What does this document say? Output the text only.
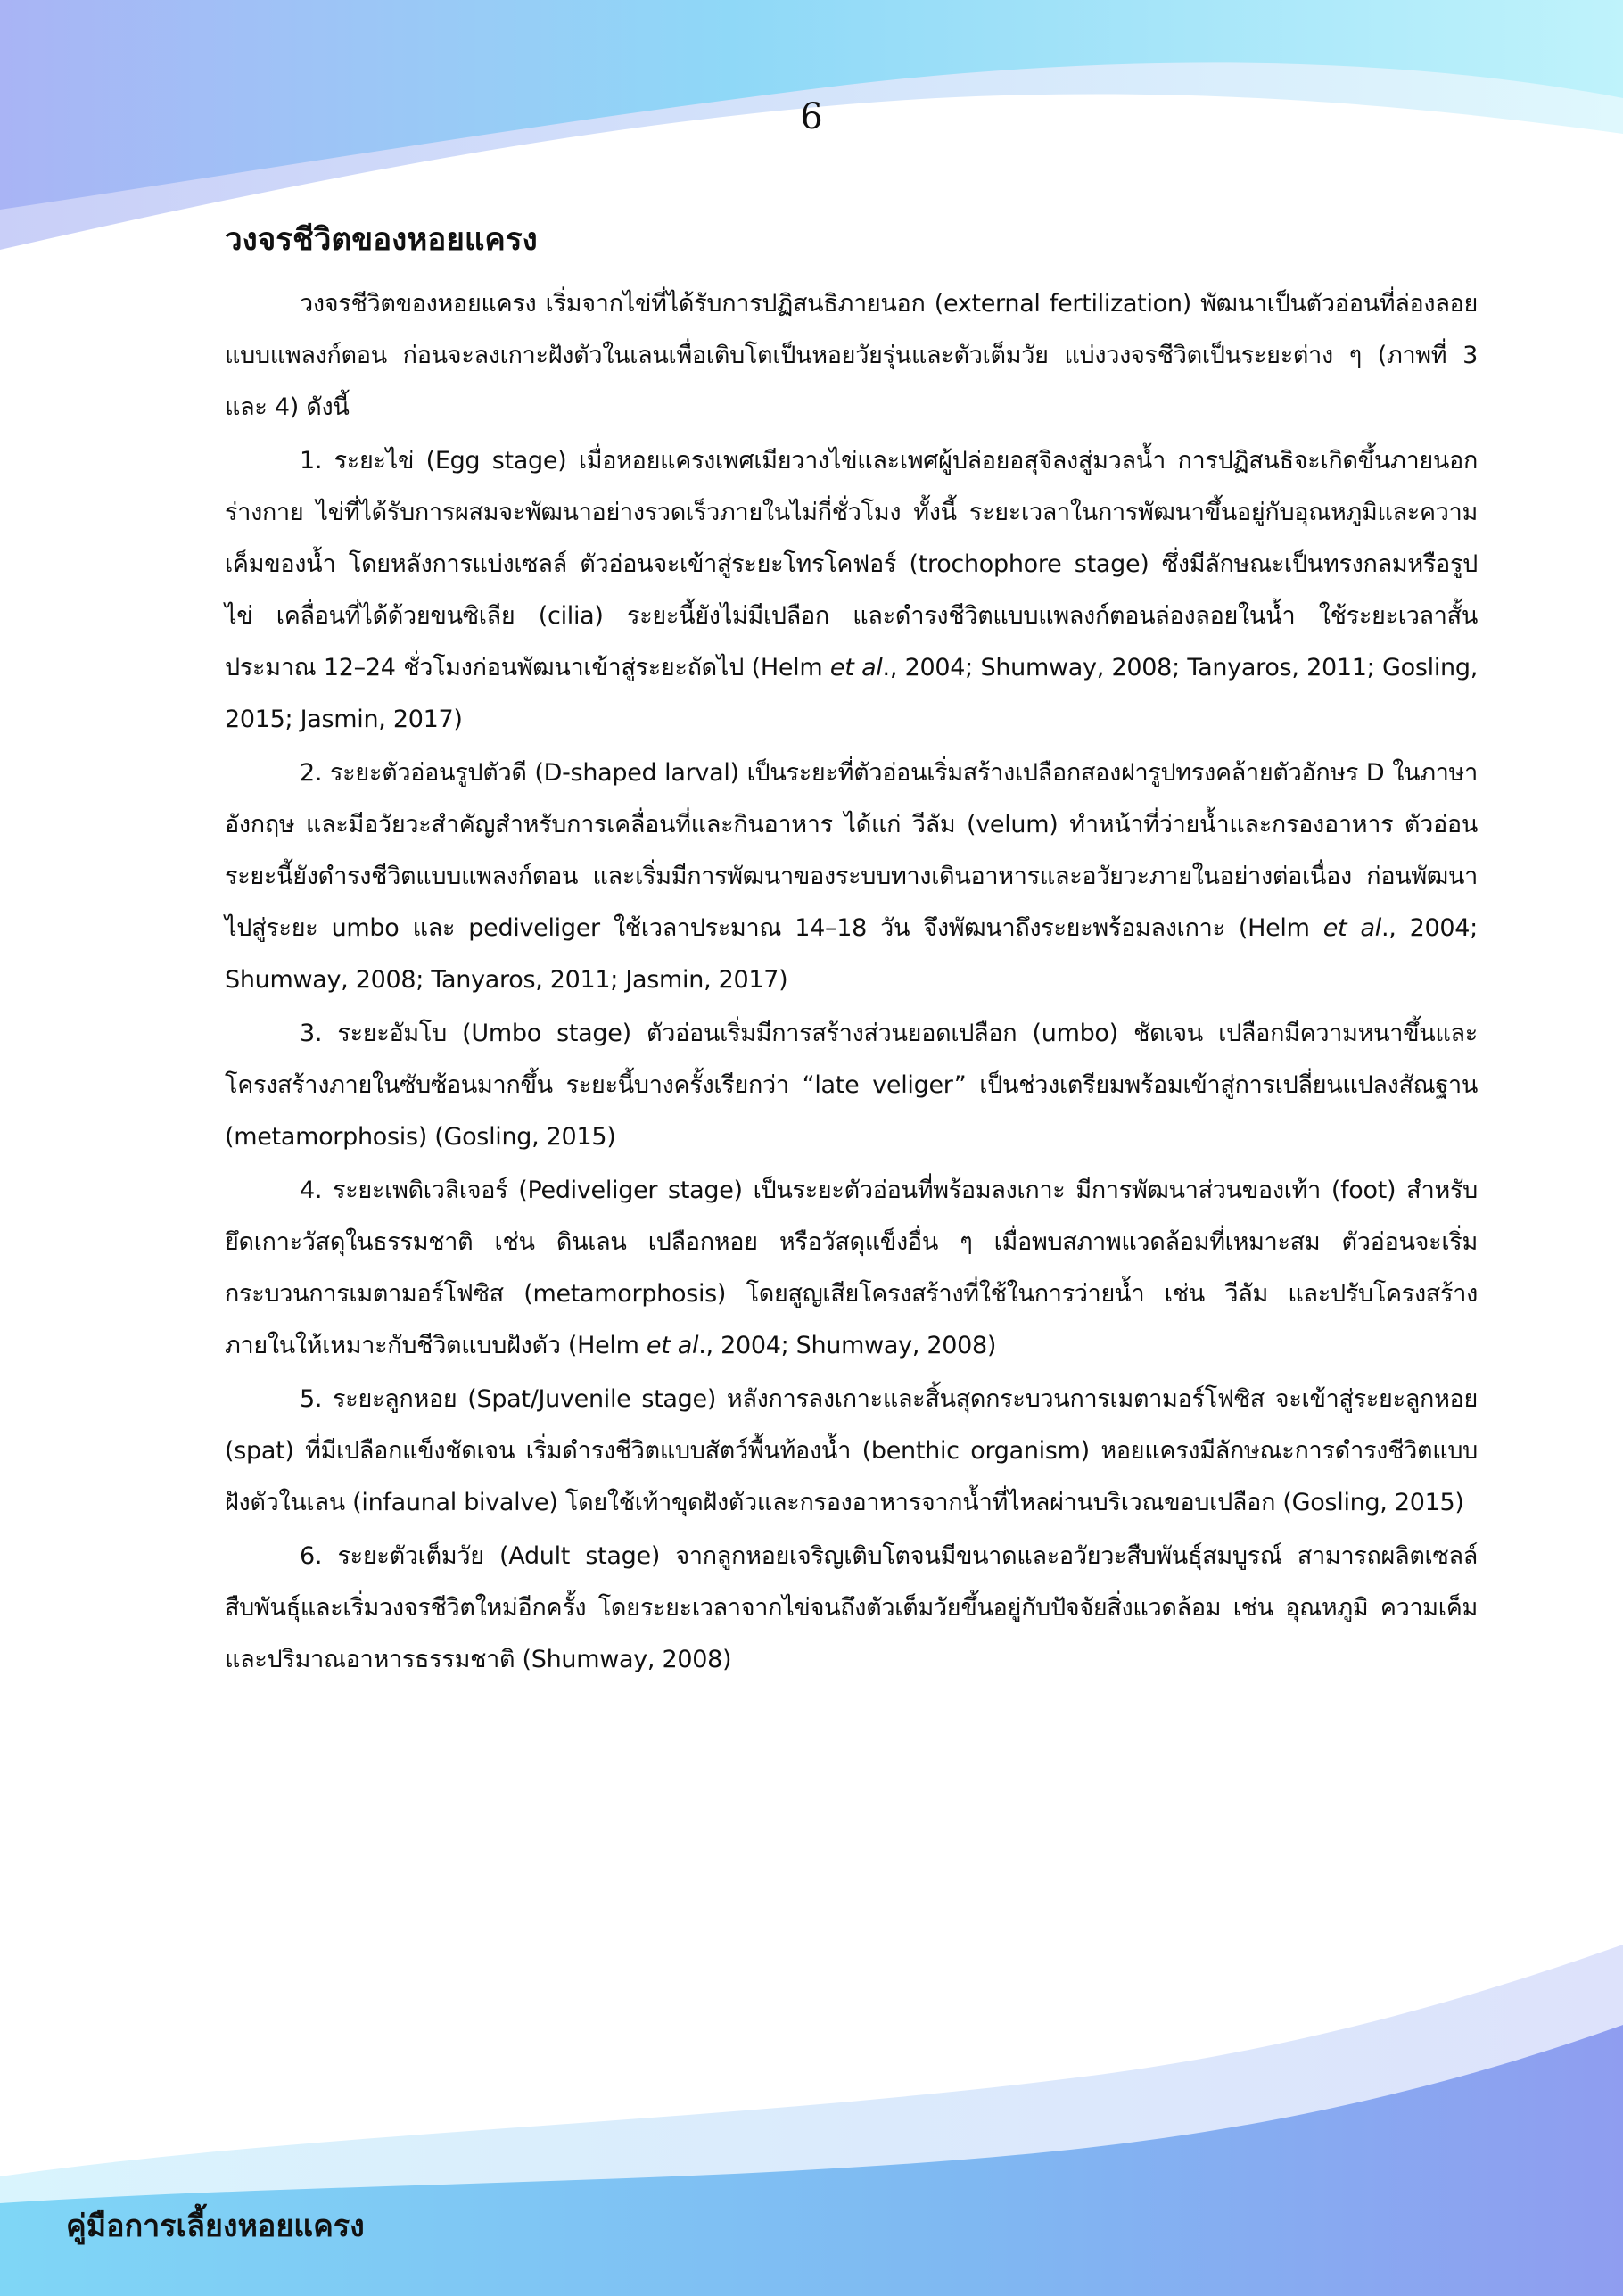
6
วงจรชีวิตของหอยแครง

วงจรชีวิตของหอยแครง เริ่มจากไข่ที่ได้รับการปฏิสนธิภายนอก (external fertilization) พัฒนาเป็นตัวอ่อนที่ล่องลอยแบบแพลงก์ตอน ก่อนจะลงเกาะฝังตัวในเลนเพื่อเติบโตเป็นหอยวัยรุ่นและตัวเต็มวัย แบ่งวงจรชีวิตเป็นระยะต่าง ๆ (ภาพที่ 3 และ 4) ดังนี้

1. ระยะไข่ (Egg stage) เมื่อหอยแครงเพศเมียวางไข่และเพศผู้ปล่อยอสุจิลงสู่มวลน้ำ การปฏิสนธิจะเกิดขึ้นภายนอกร่างกาย ไข่ที่ได้รับการผสมจะพัฒนาอย่างรวดเร็วภายในไม่กี่ชั่วโมง ทั้งนี้ ระยะเวลาในการพัฒนาขึ้นอยู่กับอุณหภูมิและความเค็มของน้ำ โดยหลังการแบ่งเซลล์ ตัวอ่อนจะเข้าสู่ระยะโทรโคฟอร์ (trochophore stage) ซึ่งมีลักษณะเป็นทรงกลมหรือรูปไข่ เคลื่อนที่ได้ด้วยขนซิเลีย (cilia) ระยะนี้ยังไม่มีเปลือก และดำรงชีวิตแบบแพลงก์ตอนล่องลอยในน้ำ ใช้ระยะเวลาสั้นประมาณ 12–24 ชั่วโมงก่อนพัฒนาเข้าสู่ระยะถัดไป (Helm et al., 2004; Shumway, 2008; Tanyaros, 2011; Gosling, 2015; Jasmin, 2017)

2. ระยะตัวอ่อนรูปตัวดี (D-shaped larval) เป็นระยะที่ตัวอ่อนเริ่มสร้างเปลือกสองฝารูปทรงคล้ายตัวอักษร D ในภาษาอังกฤษ และมีอวัยวะสำคัญสำหรับการเคลื่อนที่และกินอาหาร ได้แก่ วีลัม (velum) ทำหน้าที่ว่ายน้ำและกรองอาหาร ตัวอ่อนระยะนี้ยังดำรงชีวิตแบบแพลงก์ตอน และเริ่มมีการพัฒนาของระบบทางเดินอาหารและอวัยวะภายในอย่างต่อเนื่อง ก่อนพัฒนาไปสู่ระยะ umbo และ pediveliger ใช้เวลาประมาณ 14–18 วัน จึงพัฒนาถึงระยะพร้อมลงเกาะ (Helm et al., 2004; Shumway, 2008; Tanyaros, 2011; Jasmin, 2017)

3. ระยะอัมโบ (Umbo stage) ตัวอ่อนเริ่มมีการสร้างส่วนยอดเปลือก (umbo) ชัดเจน เปลือกมีความหนาขึ้นและโครงสร้างภายในซับซ้อนมากขึ้น ระยะนี้บางครั้งเรียกว่า “late veliger” เป็นช่วงเตรียมพร้อมเข้าสู่การเปลี่ยนแปลงสัณฐาน (metamorphosis) (Gosling, 2015)

4. ระยะเพดิเวลิเจอร์ (Pediveliger stage) เป็นระยะตัวอ่อนที่พร้อมลงเกาะ มีการพัฒนาส่วนของเท้า (foot) สำหรับยึดเกาะวัสดุในธรรมชาติ เช่น ดินเลน เปลือกหอย หรือวัสดุแข็งอื่น ๆ เมื่อพบสภาพแวดล้อมที่เหมาะสม ตัวอ่อนจะเริ่มกระบวนการเมตามอร์โฟซิส (metamorphosis) โดยสูญเสียโครงสร้างที่ใช้ในการว่ายน้ำ เช่น วีลัม และปรับโครงสร้างภายในให้เหมาะกับชีวิตแบบฝังตัว (Helm et al., 2004; Shumway, 2008)

5. ระยะลูกหอย (Spat/Juvenile stage) หลังการลงเกาะและสิ้นสุดกระบวนการเมตามอร์โฟซิส จะเข้าสู่ระยะลูกหอย (spat) ที่มีเปลือกแข็งชัดเจน เริ่มดำรงชีวิตแบบสัตว์พื้นท้องน้ำ (benthic organism) หอยแครงมีลักษณะการดำรงชีวิตแบบฝังตัวในเลน (infaunal bivalve) โดยใช้เท้าขุดฝังตัวและกรองอาหารจากน้ำที่ไหลผ่านบริเวณขอบเปลือก (Gosling, 2015)

6. ระยะตัวเต็มวัย (Adult stage) จากลูกหอยเจริญเติบโตจนมีขนาดและอวัยวะสืบพันธุ์สมบูรณ์ สามารถผลิตเซลล์สืบพันธุ์และเริ่มวงจรชีวิตใหม่อีกครั้ง โดยระยะเวลาจากไข่จนถึงตัวเต็มวัยขึ้นอยู่กับปัจจัยสิ่งแวดล้อม เช่น อุณหภูมิ ความเค็ม และปริมาณอาหารธรรมชาติ (Shumway, 2008)

คู่มือการเลี้ยงหอยแครง
